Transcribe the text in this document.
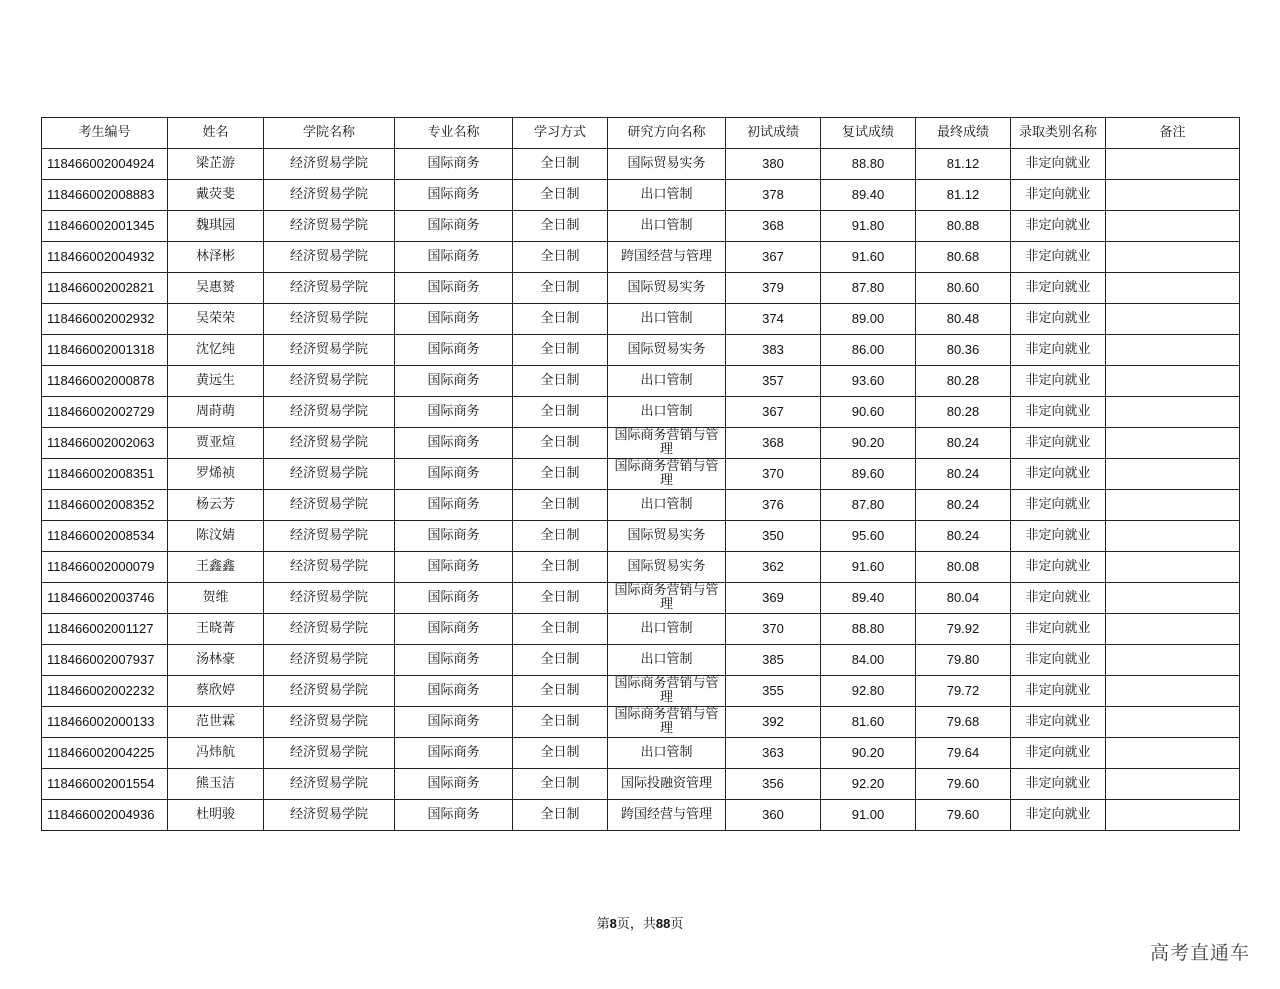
考生编号	姓名	学院名称	专业名称	学习方式	研究方向名称	初试成绩	复试成绩	最终成绩	录取类别名称	备注
118466002004924	梁芷游	经济贸易学院	国际商务	全日制	国际贸易实务	380	88.80	81.12	非定向就业	
118466002008883	戴荧斐	经济贸易学院	国际商务	全日制	出口管制	378	89.40	81.12	非定向就业	
118466002001345	魏琪园	经济贸易学院	国际商务	全日制	出口管制	368	91.80	80.88	非定向就业	
118466002004932	林泽彬	经济贸易学院	国际商务	全日制	跨国经营与管理	367	91.60	80.68	非定向就业	
118466002002821	吴惠赟	经济贸易学院	国际商务	全日制	国际贸易实务	379	87.80	80.60	非定向就业	
118466002002932	吴荣荣	经济贸易学院	国际商务	全日制	出口管制	374	89.00	80.48	非定向就业	
118466002001318	沈忆纯	经济贸易学院	国际商务	全日制	国际贸易实务	383	86.00	80.36	非定向就业	
118466002000878	黄远生	经济贸易学院	国际商务	全日制	出口管制	357	93.60	80.28	非定向就业	
118466002002729	周莳萌	经济贸易学院	国际商务	全日制	出口管制	367	90.60	80.28	非定向就业	
118466002002063	贾亚煊	经济贸易学院	国际商务	全日制	国际商务营销与管理	368	90.20	80.24	非定向就业	
118466002008351	罗烯祯	经济贸易学院	国际商务	全日制	国际商务营销与管理	370	89.60	80.24	非定向就业	
118466002008352	杨云芳	经济贸易学院	国际商务	全日制	出口管制	376	87.80	80.24	非定向就业	
118466002008534	陈汶婧	经济贸易学院	国际商务	全日制	国际贸易实务	350	95.60	80.24	非定向就业	
118466002000079	王鑫鑫	经济贸易学院	国际商务	全日制	国际贸易实务	362	91.60	80.08	非定向就业	
118466002003746	贺维	经济贸易学院	国际商务	全日制	国际商务营销与管理	369	89.40	80.04	非定向就业	
118466002001127	王晓菁	经济贸易学院	国际商务	全日制	出口管制	370	88.80	79.92	非定向就业	
118466002007937	汤林豪	经济贸易学院	国际商务	全日制	出口管制	385	84.00	79.80	非定向就业	
118466002002232	蔡欣婷	经济贸易学院	国际商务	全日制	国际商务营销与管理	355	92.80	79.72	非定向就业	
118466002000133	范世霖	经济贸易学院	国际商务	全日制	国际商务营销与管理	392	81.60	79.68	非定向就业	
118466002004225	冯炜航	经济贸易学院	国际商务	全日制	出口管制	363	90.20	79.64	非定向就业	
118466002001554	熊玉洁	经济贸易学院	国际商务	全日制	国际投融资管理	356	92.20	79.60	非定向就业	
118466002004936	杜明骏	经济贸易学院	国际商务	全日制	跨国经营与管理	360	91.00	79.60	非定向就业	
第8页，共88页
高考直通车
